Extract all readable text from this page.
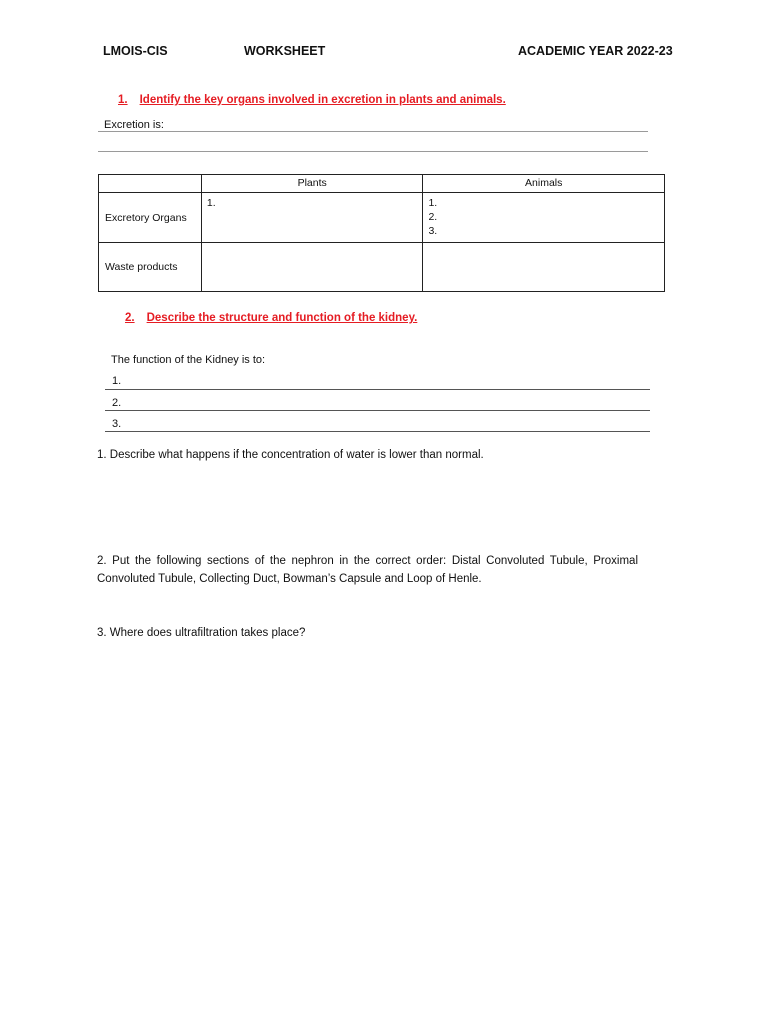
LMOIS-CIS	WORKSHEET	ACADEMIC YEAR 2022-23
1. Identify the key organs involved in excretion in plants and animals.
Excretion is:
	Plants	Animals
Excretory Organs	1.	1.
2.
3.

Waste products		
2. Describe the structure and function of the kidney.
The function of the Kidney is to:
1.
2.
3.
1. Describe what happens if the concentration of water is lower than normal.
2. Put the following sections of the nephron in the correct order: Distal Convoluted Tubule, Proximal Convoluted Tubule, Collecting Duct, Bowman’s Capsule and Loop of Henle.
3. Where does ultrafiltration takes place?
